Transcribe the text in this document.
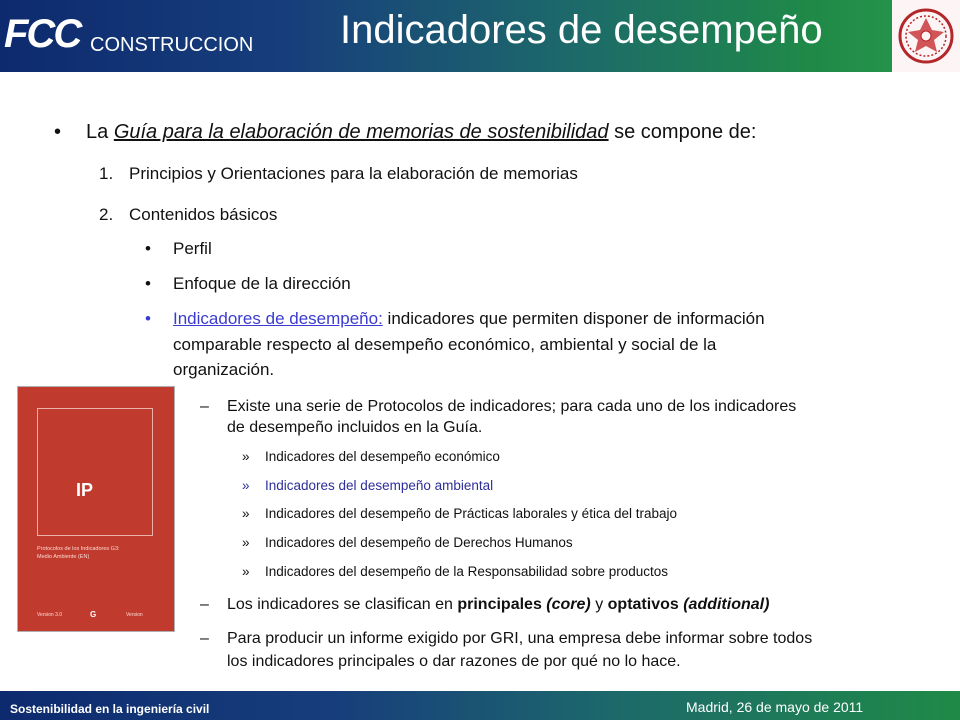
FCC CONSTRUCCION Indicadores de desempeño
• La Guía para la elaboración de memorias de sostenibilidad se compone de:
1. Principios y Orientaciones para la elaboración de memorias
2. Contenidos básicos
• Perfil
• Enfoque de la dirección
• Indicadores de desempeño: indicadores que permiten disponer de información
comparable respecto al desempeño económico, ambiental y social de la
organización.
– Existe una serie de Protocolos de indicadores; para cada uno de los indicadores
de desempeño incluidos en la Guía.
» Indicadores del desempeño económico
» Indicadores del desempeño ambiental
» Indicadores del desempeño de Prácticas laborales y ética del trabajo
» Indicadores del desempeño de Derechos Humanos
» Indicadores del desempeño de la Responsabilidad sobre productos
– Los indicadores se clasifican en principales (core) y optativos (additional)
– Para producir un informe exigido por GRI, una empresa debe informar sobre todos
los indicadores principales o dar razones de por qué no lo hace.
IP
Protocolos de los Indicadores G3:
Medio Ambiente (EN)
Version 3.0	G	Version
Sostenibilidad en la ingeniería civil	Madrid, 26 de mayo de 2011
